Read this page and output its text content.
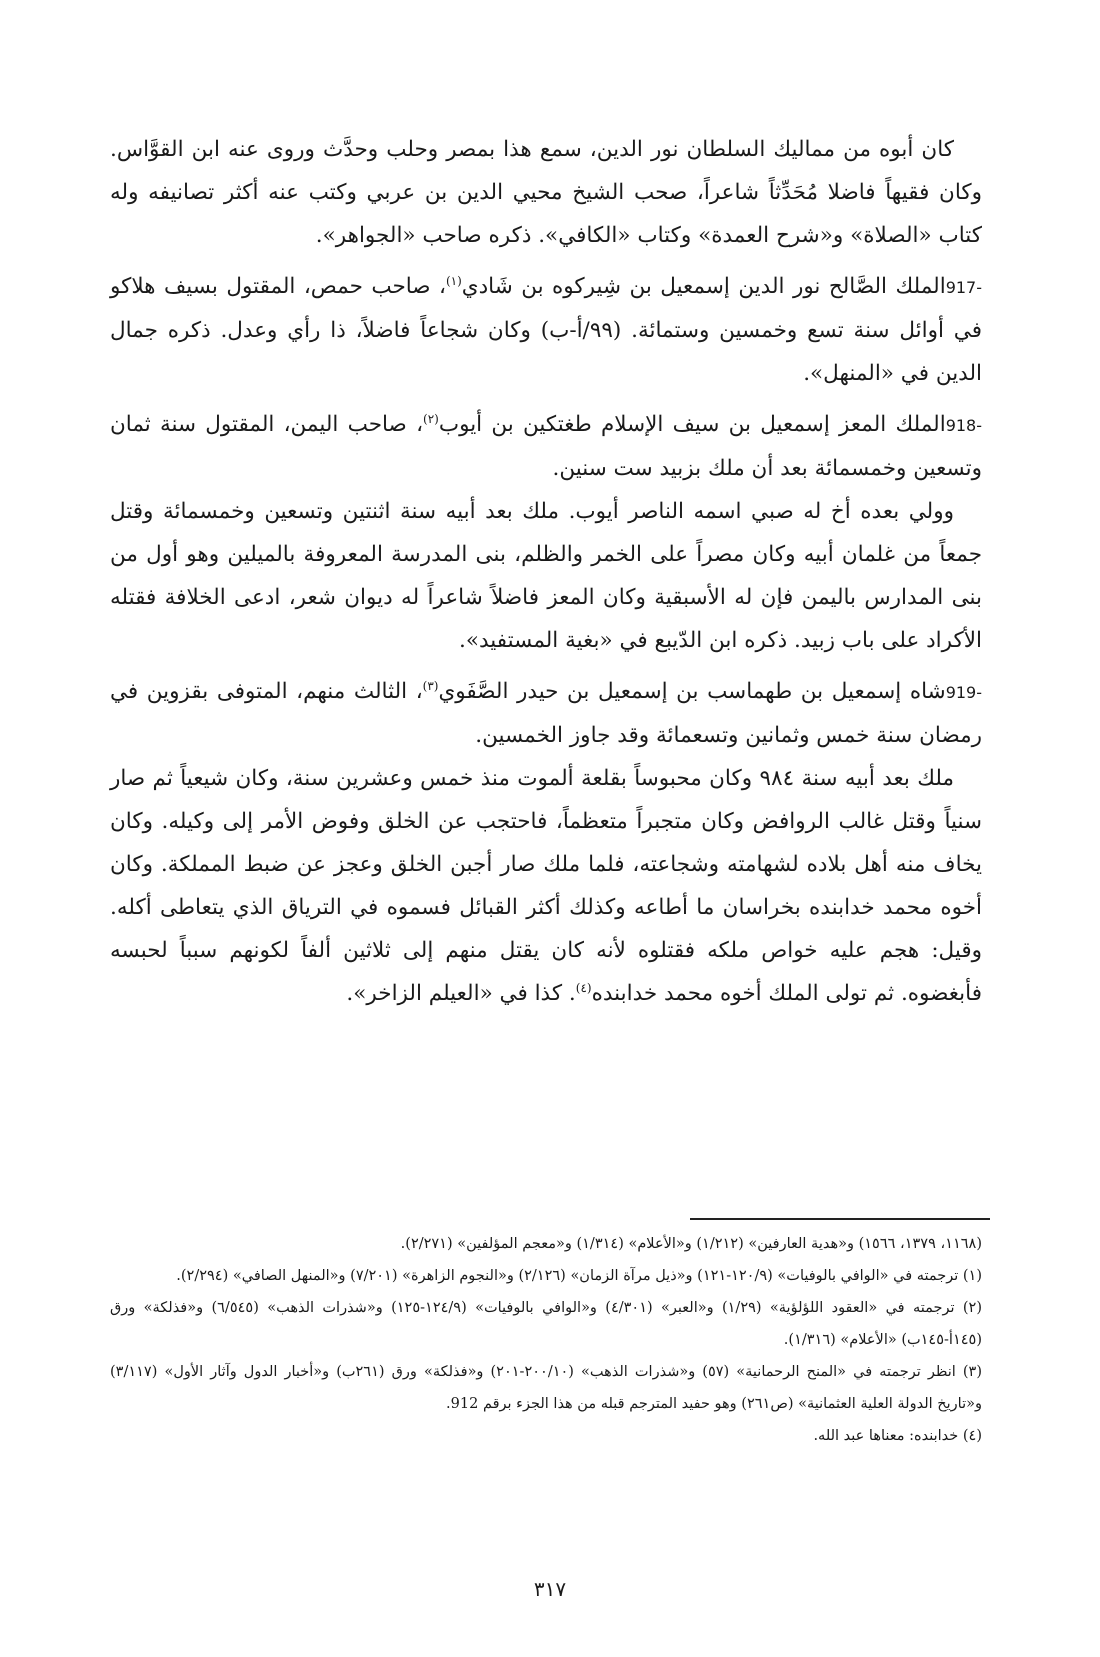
كان أبوه من مماليك السلطان نور الدين، سمع هذا بمصر وحلب وحدَّث وروى عنه ابن القوَّاس. وكان فقيهاً فاضلا مُحَدِّثاً شاعراً، صحب الشيخ محيي الدين بن عربي وكتب عنه أكثر تصانيفه وله كتاب «الصلاة» و«شرح العمدة» وكتاب «الكافي». ذكره صاحب «الجواهر».

917-الملك الصَّالح نور الدين إسمعيل بن شِيركوه بن شَادي$^{(١)}$، صاحب حمص، المقتول بسيف هلاكو في أوائل سنة تسع وخمسين وستمائة. (٩٩/أ-ب) وكان شجاعاً فاضلاً، ذا رأي وعدل. ذكره جمال الدين في «المنهل».

918-الملك المعز إسمعيل بن سيف الإسلام طغتكين بن أيوب$^{(٢)}$، صاحب اليمن، المقتول سنة ثمان وتسعين وخمسمائة بعد أن ملك بزبيد ست سنين.

وولي بعده أخ له صبي اسمه الناصر أيوب. ملك بعد أبيه سنة اثنتين وتسعين وخمسمائة وقتل جمعاً من غلمان أبيه وكان مصراً على الخمر والظلم، بنى المدرسة المعروفة بالميلين وهو أول من بنى المدارس باليمن فإن له الأسبقية وكان المعز فاضلاً شاعراً له ديوان شعر، ادعى الخلافة فقتله الأكراد على باب زبيد. ذكره ابن الدّيبع في «بغية المستفيد».

919-شاه إسمعيل بن طهماسب بن إسمعيل بن حيدر الصَّفَوي$^{(٣)}$، الثالث منهم، المتوفى بقزوين في رمضان سنة خمس وثمانين وتسعمائة وقد جاوز الخمسين.

ملك بعد أبيه سنة ٩٨٤ وكان محبوساً بقلعة ألموت منذ خمس وعشرين سنة، وكان شيعياً ثم صار سنياً وقتل غالب الروافض وكان متجبراً متعظماً، فاحتجب عن الخلق وفوض الأمر إلى وكيله. وكان يخاف منه أهل بلاده لشهامته وشجاعته، فلما ملك صار أجبن الخلق وعجز عن ضبط المملكة. وكان أخوه محمد خدابنده بخراسان ما أطاعه وكذلك أكثر القبائل فسموه في الترياق الذي يتعاطى أكله. وقيل: هجم عليه خواص ملكه فقتلوه لأنه كان يقتل منهم إلى ثلاثين ألفاً لكونهم سبباً لحبسه فأبغضوه. ثم تولى الملك أخوه محمد خدابنده$^{(٤)}$. كذا في «العيلم الزاخر».

(١١٦٨، ١٣٧٩، ١٥٦٦) و«هدية العارفين» (١/٢١٢) و«الأعلام» (١/٣١٤) و«معجم المؤلفين» (٢/٢٧١).

(١) ترجمته في «الوافي بالوفيات» (١٢٠/٩-١٢١) و«ذيل مرآة الزمان» (٢/١٢٦) و«النجوم الزاهرة» (٧/٢٠١) و«المنهل الصافي» (٢/٢٩٤).

(٢) ترجمته في «العقود اللؤلؤية» (١/٢٩) و«العبر» (٤/٣٠١) و«الوافي بالوفيات» (١٢٤/٩-١٢٥) و«شذرات الذهب» (٦/٥٤٥) و«فذلكة» ورق (١٤٥أ-١٤٥ب) «الأعلام» (١/٣١٦).

(٣) انظر ترجمته في «المنح الرحمانية» (٥٧) و«شذرات الذهب» (٢٠٠/١٠-٢٠١) و«فذلكة» ورق (٢٦١ب) و«أخبار الدول وآثار الأول» (٣/١١٧) و«تاريخ الدولة العلية العثمانية» (ص٢٦١) وهو حفيد المترجم قبله من هذا الجزء برقم 912.

(٤) خدابنده: معناها عبد الله.

٣١٧
